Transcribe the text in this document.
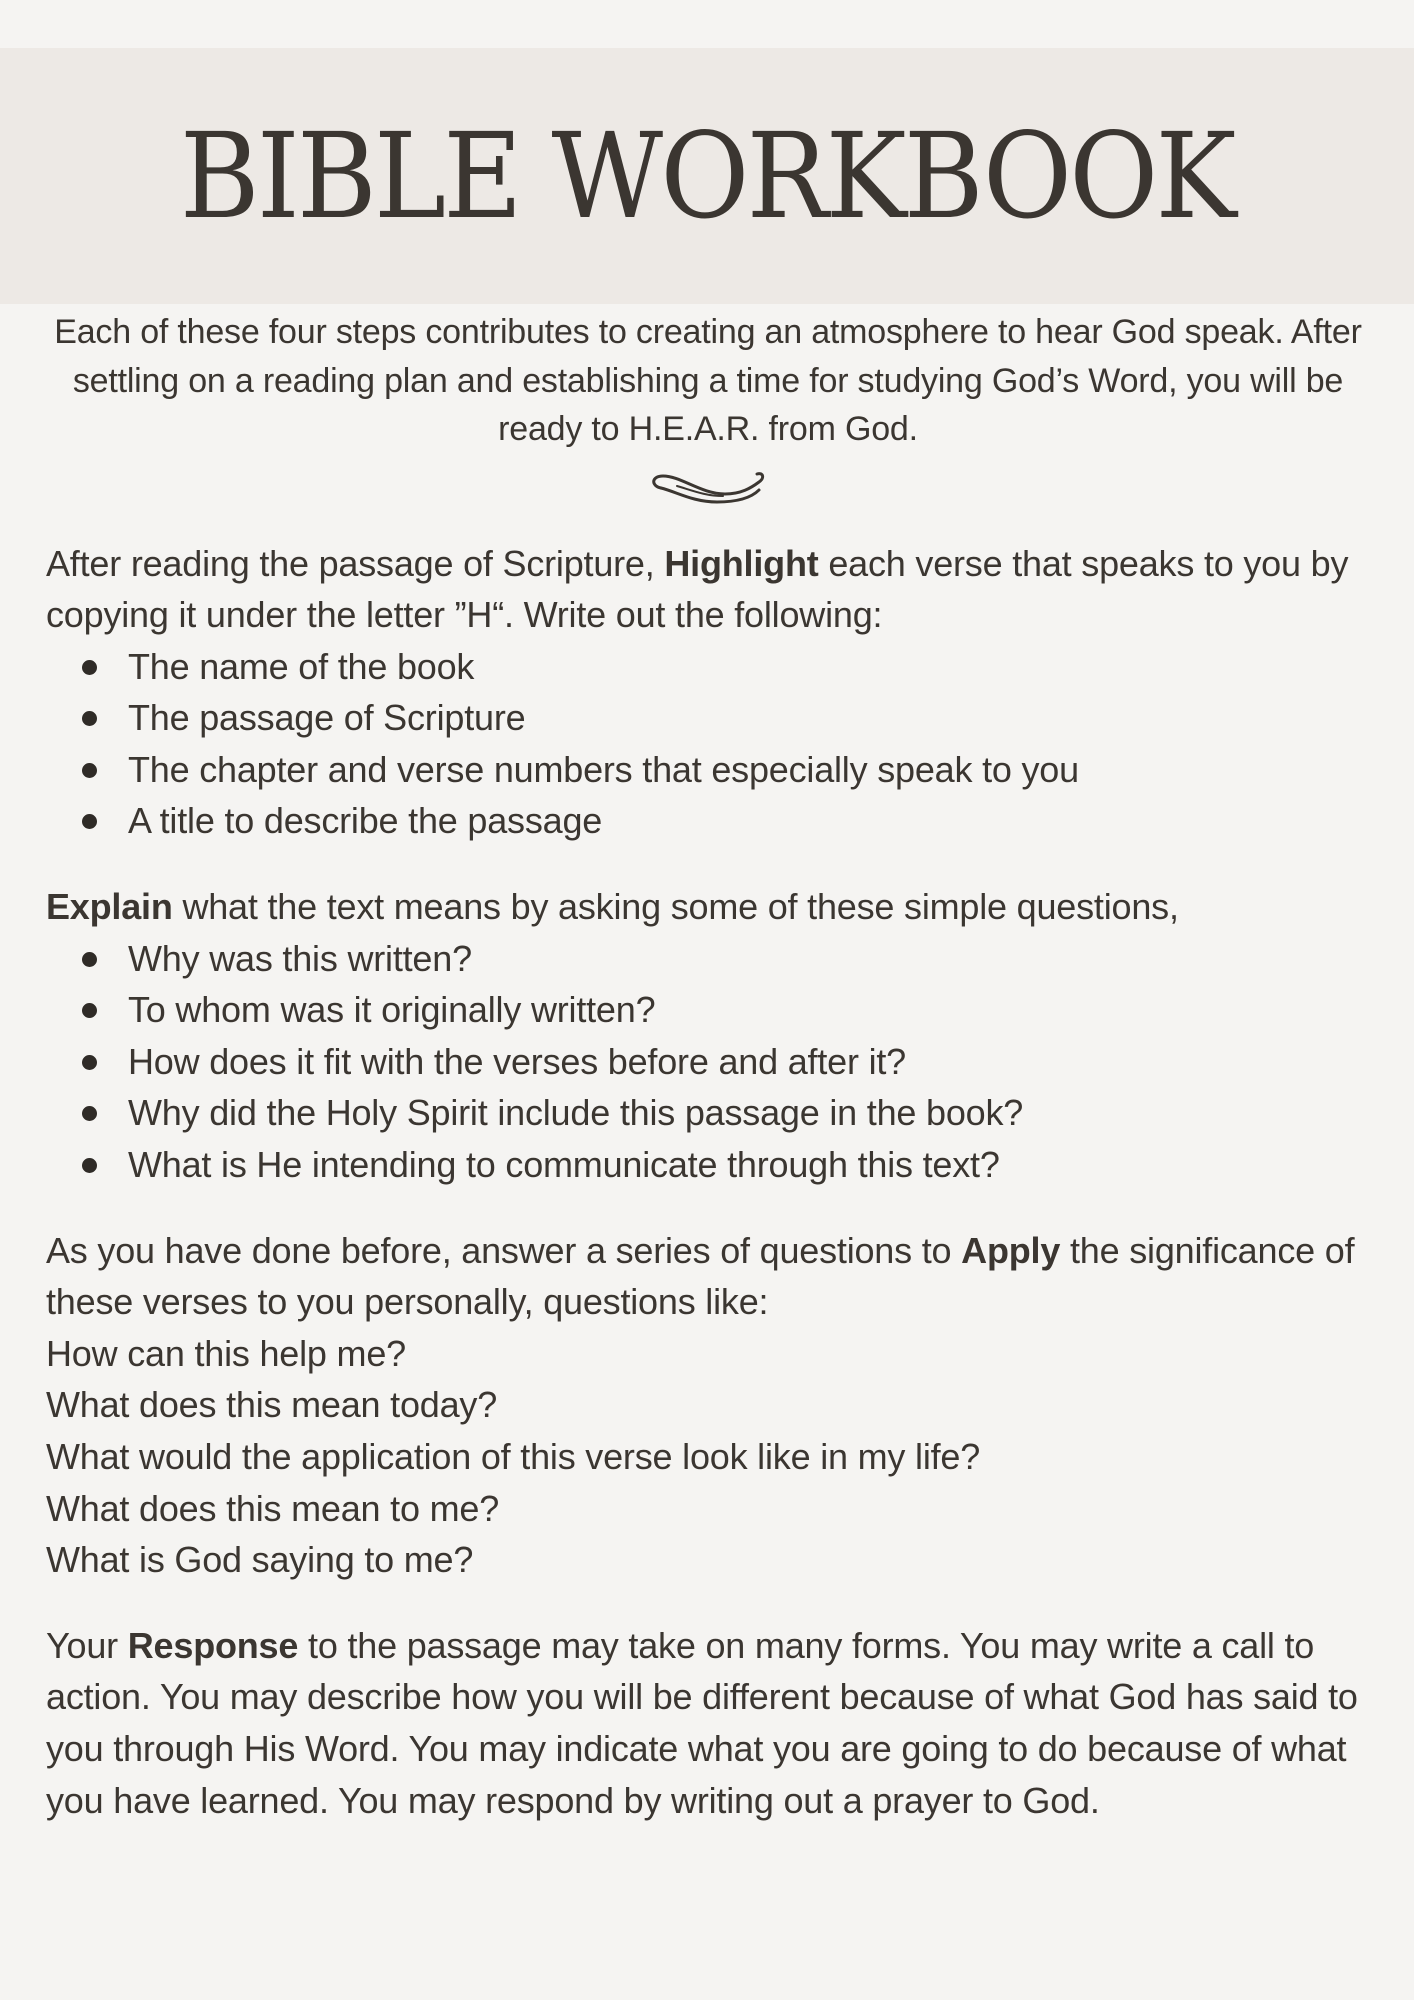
BIBLE WORKBOOK

Each of these four steps contributes to creating an atmosphere to hear God speak. After settling on a reading plan and establishing a time for studying God’s Word, you will be ready to H.E.A.R. from God.

After reading the passage of Scripture, Highlight each verse that speaks to you by copying it under the letter ”H“. Write out the following:

The name of the book
The passage of Scripture
The chapter and verse numbers that especially speak to you
A title to describe the passage

Explain what the text means by asking some of these simple questions,

Why was this written?
To whom was it originally written?
How does it fit with the verses before and after it?
Why did the Holy Spirit include this passage in the book?
What is He intending to communicate through this text?

As you have done before, answer a series of questions to Apply the significance of these verses to you personally, questions like:

How can this help me?
What does this mean today?
What would the application of this verse look like in my life?
What does this mean to me?
What is God saying to me?

Your Response to the passage may take on many forms. You may write a call to action. You may describe how you will be different because of what God has said to you through His Word. You may indicate what you are going to do because of what you have learned. You may respond by writing out a prayer to God.
